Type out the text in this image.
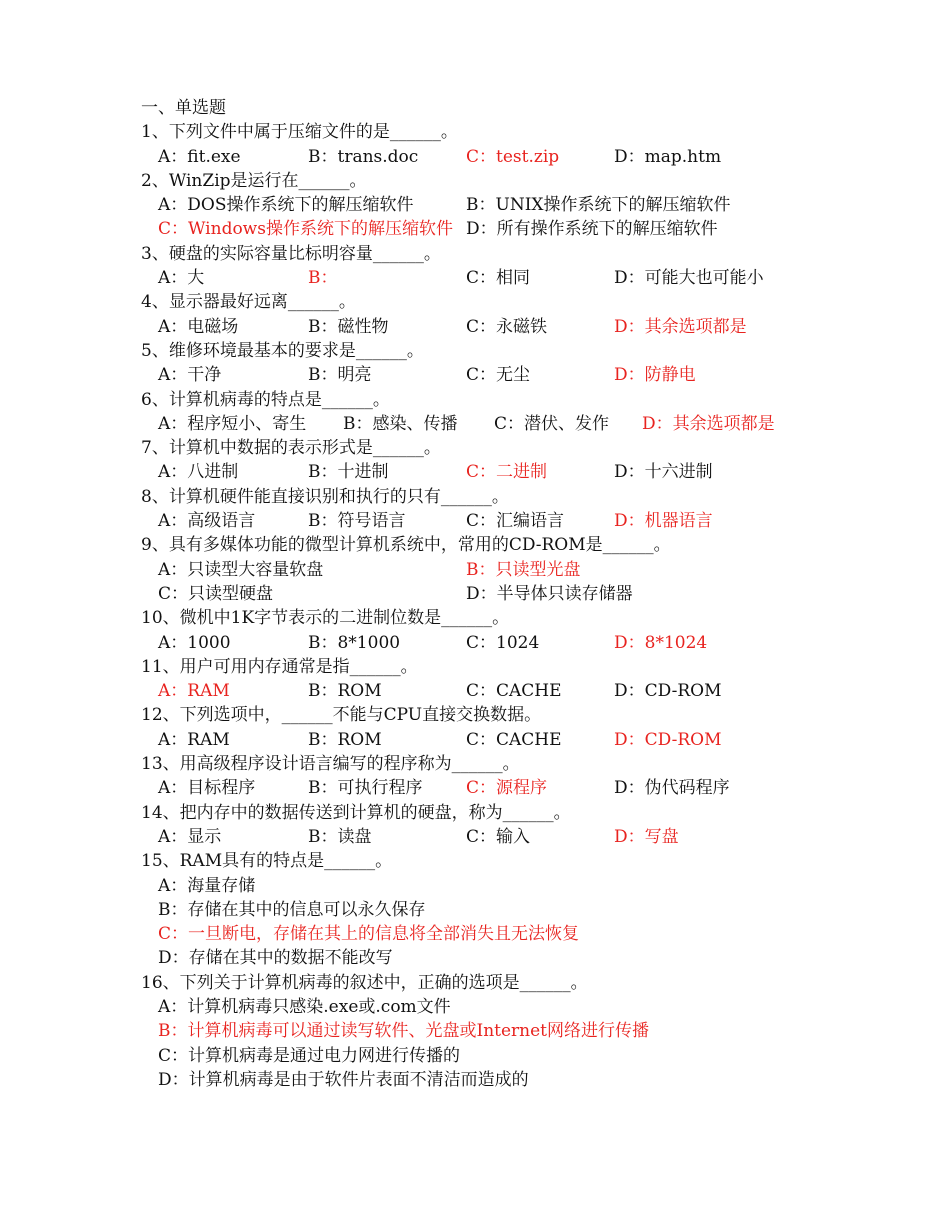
一、单选题
1、下列文件中属于压缩文件的是______。
A：fit.exe	B：trans.doc	C：test.zip	D：map.htm
2、WinZip是运行在______。
A：DOS操作系统下的解压缩软件	B：UNIX操作系统下的解压缩软件
C：Windows操作系统下的解压缩软件 D：所有操作系统下的解压缩软件
3、硬盘的实际容量比标明容量______。
A：大	B：	C：相同	D：可能大也可能小
4、显示器最好远离______。
A：电磁场	B：磁性物	C：永磁铁	D：其余选项都是
5、维修环境最基本的要求是______。
A：干净	B：明亮	C：无尘	D：防静电
6、计算机病毒的特点是______。
A：程序短小、寄生 B：感染、传播 C：潜伏、发作 D：其余选项都是
7、计算机中数据的表示形式是______。
A：八进制	B：十进制	C：二进制	D：十六进制
8、计算机硬件能直接识别和执行的只有______。
A：高级语言	B：符号语言	C：汇编语言	D：机器语言
9、具有多媒体功能的微型计算机系统中，常用的CD-ROM是______。
A：只读型大容量软盘	B：只读型光盘
C：只读型硬盘	D：半导体只读存储器
10、微机中1K字节表示的二进制位数是______。
A：1000	B：8*1000	C：1024	D：8*1024
11、用户可用内存通常是指______。
A：RAM	B：ROM	C：CACHE	D：CD-ROM
12、下列选项中，______不能与CPU直接交换数据。
A：RAM	B：ROM	C：CACHE	D：CD-ROM
13、用高级程序设计语言编写的程序称为______。
A：目标程序	B：可执行程序	C：源程序	D：伪代码程序
14、把内存中的数据传送到计算机的硬盘，称为______。
A：显示	B：读盘	C：输入	D：写盘
15、RAM具有的特点是______。
A：海量存储
B：存储在其中的信息可以永久保存
C：一旦断电，存储在其上的信息将全部消失且无法恢复
D：存储在其中的数据不能改写
16、下列关于计算机病毒的叙述中，正确的选项是______。
A：计算机病毒只感染.exe或.com文件
B：计算机病毒可以通过读写软件、光盘或Internet网络进行传播
C：计算机病毒是通过电力网进行传播的
D：计算机病毒是由于软件片表面不清洁而造成的
